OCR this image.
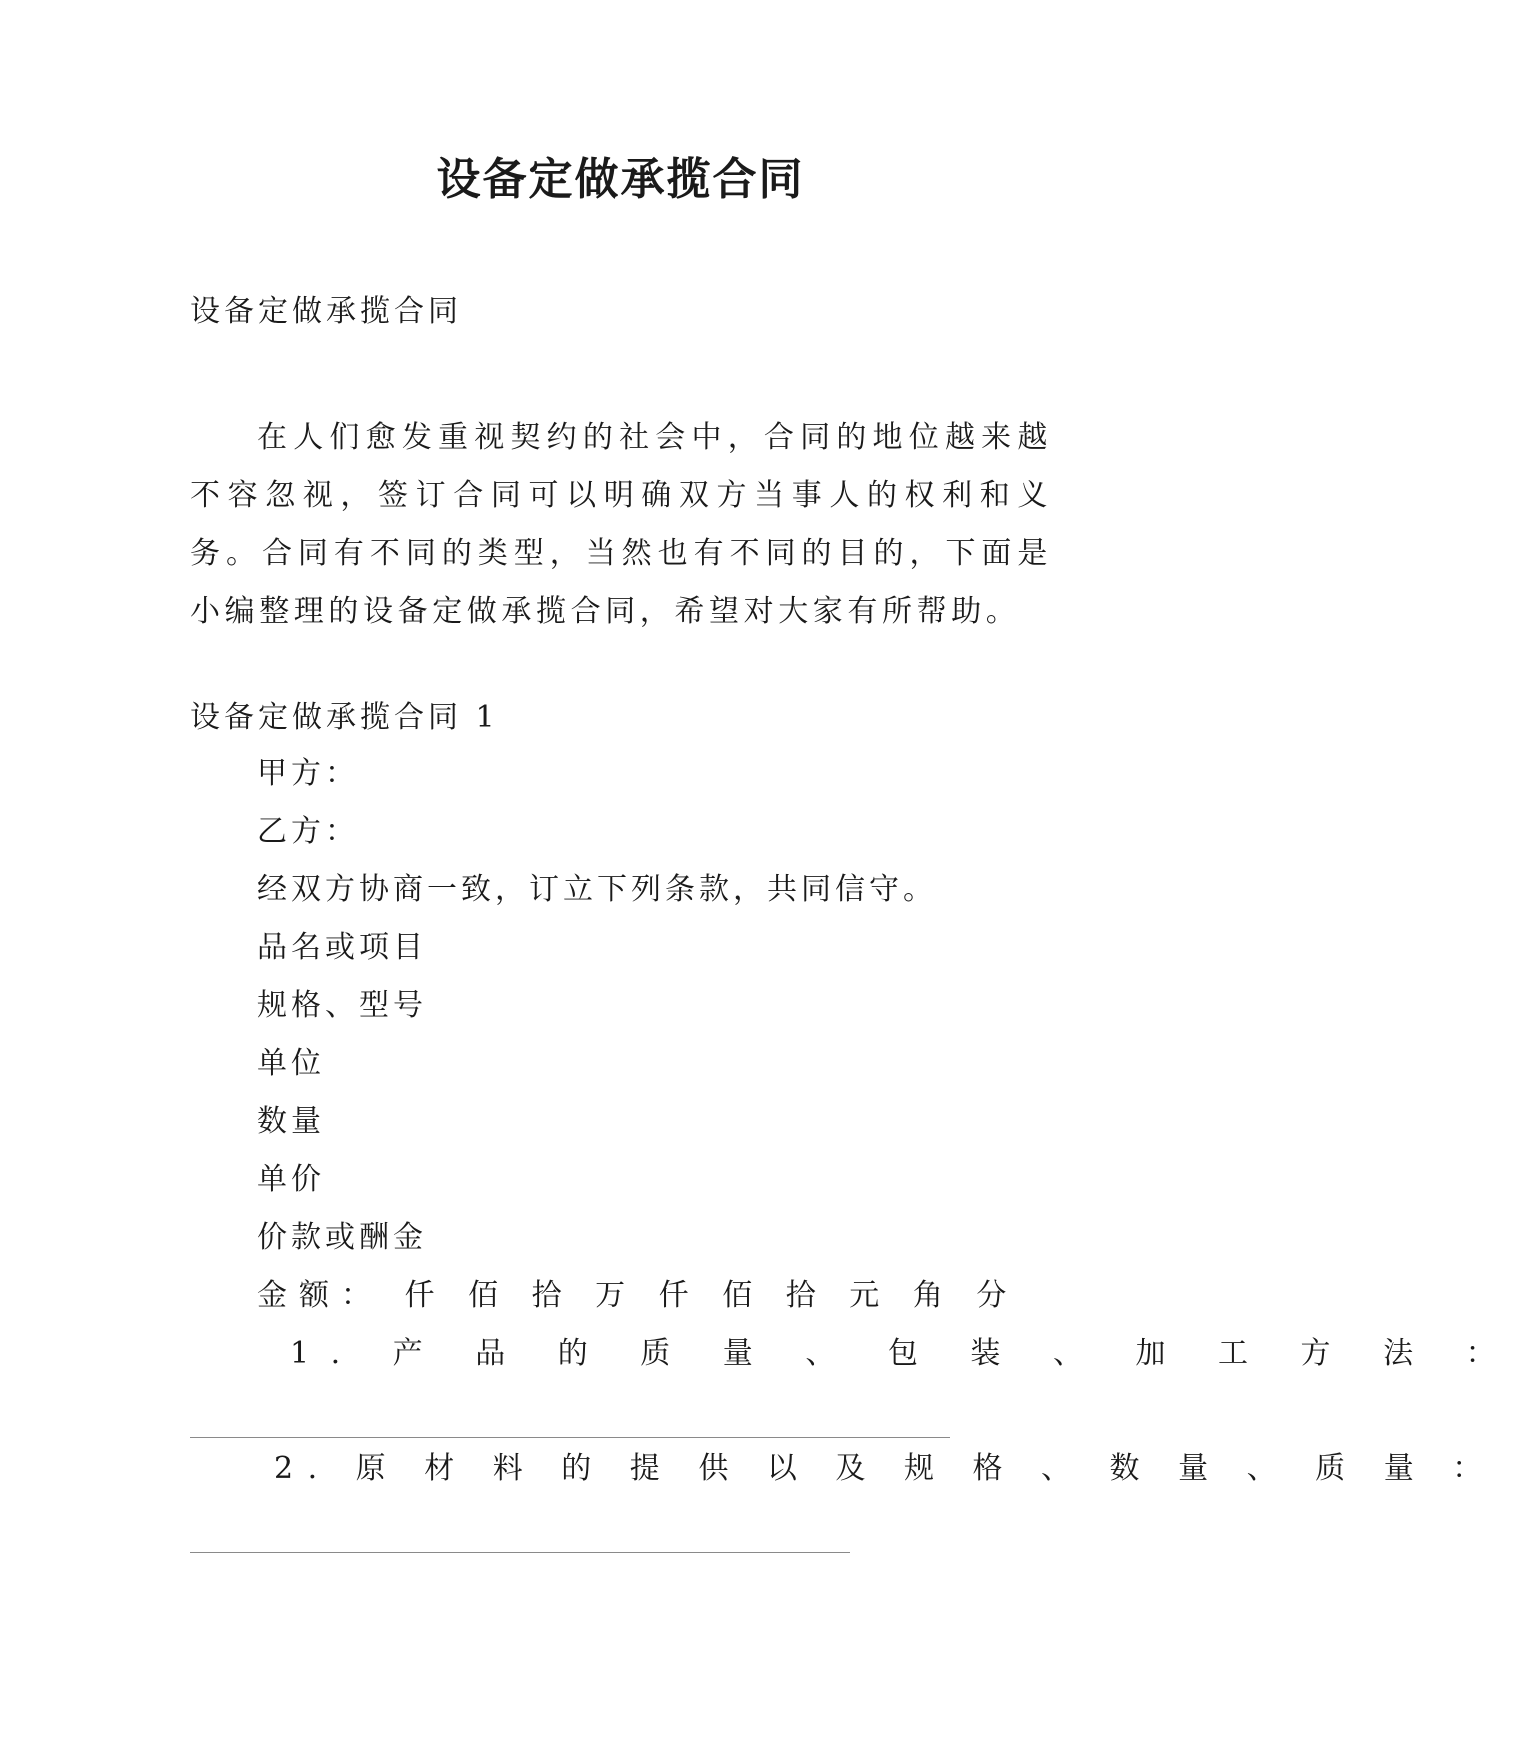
设备定做承揽合同
设备定做承揽合同
在人们愈发重视契约的社会中，合同的地位越来越不容忽视，签订合同可以明确双方当事人的权利和义务。合同有不同的类型，当然也有不同的目的，下面是小编整理的设备定做承揽合同，希望对大家有所帮助。
设备定做承揽合同 1
甲方：
乙方：
经双方协商一致，订立下列条款，共同信守。
品名或项目
规格、型号
单位
数量
单价
价款或酬金
金额： 仟 佰 拾 万 仟 佰 拾 元 角 分
1. 产 品 的 质 量 、 包 装 、 加 工 方 法 ：
2. 原 材 料 的 提 供 以 及 规 格 、 数 量 、 质 量 ：
